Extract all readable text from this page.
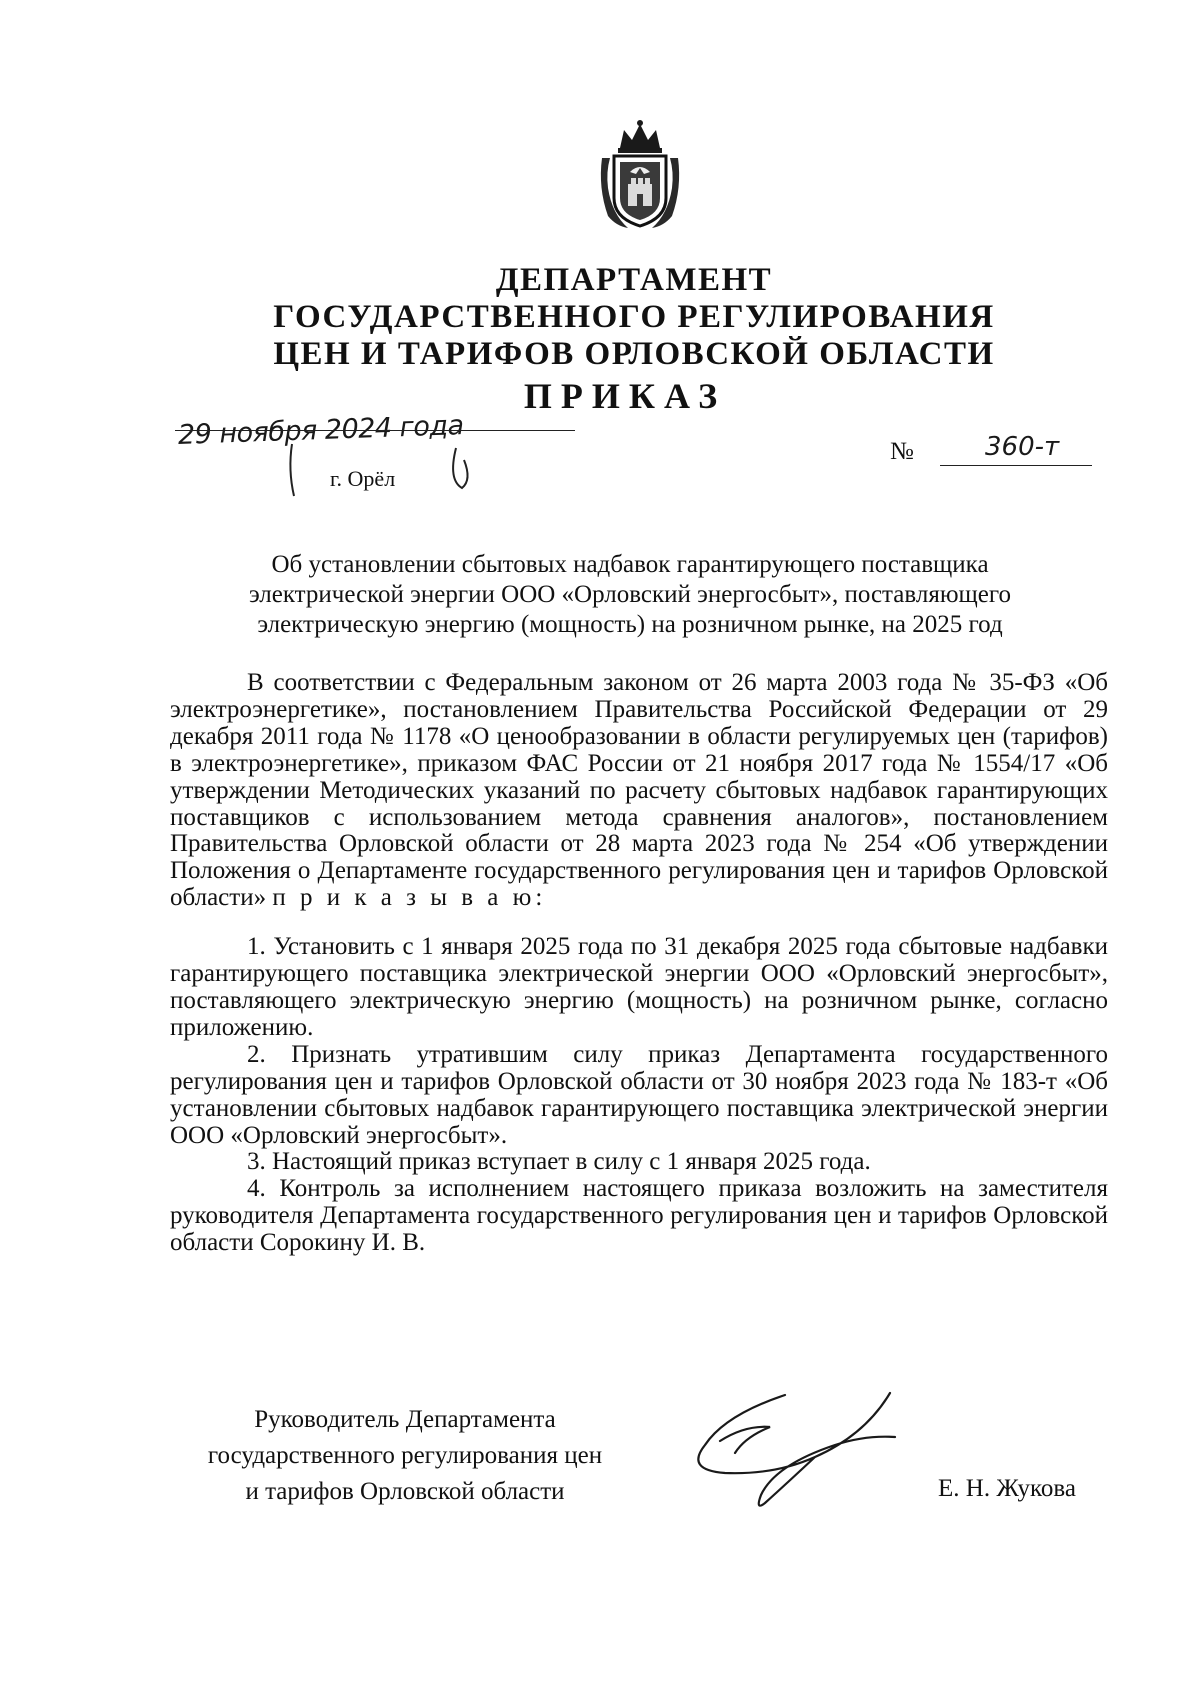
ДЕПАРТАМЕНТ
ГОСУДАРСТВЕННОГО РЕГУЛИРОВАНИЯ
ЦЕН И ТАРИФОВ ОРЛОВСКОЙ ОБЛАСТИ
ПРИКАЗ
29 ноября 2024 года
г. Орёл
№	360-т
Об установлении сбытовых надбавок гарантирующего поставщика
электрической энергии ООО «Орловский энергосбыт», поставляющего
электрическую энергию (мощность) на розничном рынке, на 2025 год

В соответствии с Федеральным законом от 26 марта 2003 года № 35-ФЗ «Об электроэнергетике», постановлением Правительства Российской Федерации от 29 декабря 2011 года № 1178 «О ценообразовании в области регулируемых цен (тарифов) в электроэнергетике», приказом ФАС России от 21 ноября 2017 года № 1554/17 «Об утверждении Методических указаний по расчету сбытовых надбавок гарантирующих поставщиков с использованием метода сравнения аналогов», постановлением Правительства Орловской области от 28 марта 2023 года № 254 «Об утверждении Положения о Департаменте государственного регулирования цен и тарифов Орловской области» п р и к а з ы в а ю:

1. Установить с 1 января 2025 года по 31 декабря 2025 года сбытовые надбавки гарантирующего поставщика электрической энергии ООО «Орловский энергосбыт», поставляющего электрическую энергию (мощность) на розничном рынке, согласно приложению.

2. Признать утратившим силу приказ Департамента государственного регулирования цен и тарифов Орловской области от 30 ноября 2023 года № 183-т «Об установлении сбытовых надбавок гарантирующего поставщика электрической энергии ООО «Орловский энергосбыт».

3. Настоящий приказ вступает в силу с 1 января 2025 года.

4. Контроль за исполнением настоящего приказа возложить на заместителя руководителя Департамента государственного регулирования цен и тарифов Орловской области Сорокину И. В.

Руководитель Департамента
государственного регулирования цен
и тарифов Орловской области	Е. Н. Жукова
